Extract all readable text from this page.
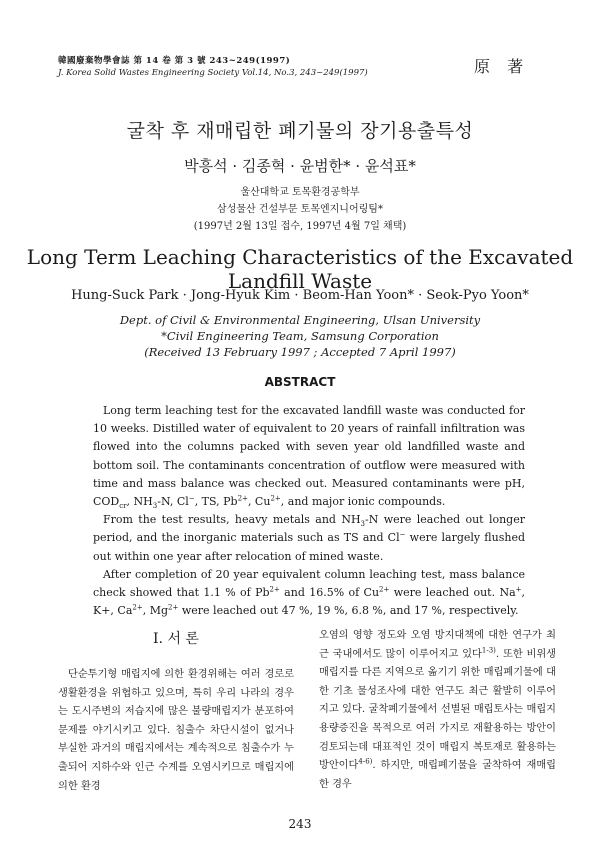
韓國廢棄物學會誌 第 14 卷 第 3 號 243~249(1997)
J. Korea Solid Wastes Engineering Society Vol.14, No.3, 243~249(1997)	原 著
굴착 후 재매립한 폐기물의 장기용출특성
박흥석 · 김종혁 · 윤범한* · 윤석표*
울산대학교 토목환경공학부
삼성물산 건설부문 토목엔지니어링팀*
(1997년 2월 13일 접수, 1997년 4월 7일 채택)
Long Term Leaching Characteristics of the Excavated Landfill Waste
Hung-Suck Park · Jong-Hyuk Kim · Beom-Han Yoon* · Seok-Pyo Yoon*
Dept. of Civil & Environmental Engineering, Ulsan University
*Civil Engineering Team, Samsung Corporation
(Received 13 February 1997 ; Accepted 7 April 1997)
ABSTRACT

Long term leaching test for the excavated landfill waste was conducted for 10 weeks. Distilled water of equivalent to 20 years of rainfall infiltration was flowed into the columns packed with seven year old landfilled waste and bottom soil. The contaminants concentration of outflow were measured with time and mass balance was checked out. Measured contaminants were pH, $COD_{cr}$, $NH_3-N$, Cl−, TS, $Pb^{2+}$, $Cu^{2+}$, and major ionic compounds.

From the test results, heavy metals and $NH_3-N$ were leached out longer period, and the inorganic materials such as TS and Cl− were largely flushed out within one year after relocation of mined waste.

After completion of 20 year equivalent column leaching test, mass balance check showed that 1.1 % of $Pb^{2+}$ and 16.5% of $Cu^{2+}$ were leached out. Na+, K+, $Ca^{2+}$, $Mg^{2+}$ were leached out 47 %, 19 %, 6.8 %, and 17 %, respectively.

I. 서 론

단순투기형 매립지에 의한 환경위해는 여러 경로로 생활환경을 위협하고 있으며, 특히 우리 나라의 경우는 도시주변의 저습지에 많은 불량매립지가 분포하여 문제를 야기시키고 있다. 침출수 차단시설이 없거나 부실한 과거의 매립지에서는 계속적으로 침출수가 누출되어 지하수와 인근 수계를 오염시키므로 매립지에 의한 환경

오염의 영향 정도와 오염 방지대책에 대한 연구가 최근 국내에서도 많이 이루어지고 있다$^{1-3)}$. 또한 비위생매립지를 다른 지역으로 옮기기 위한 매립폐기물에 대한 기초 물성조사에 대한 연구도 최근 활발히 이루어지고 있다. 굴착폐기물에서 선별된 매립토사는 매립지 용량증진을 목적으로 여러 가지로 재활용하는 방안이 검토되는데 대표적인 것이 매립지 복토재로 활용하는 방안이다$^{4-6)}$. 하지만, 매립폐기물을 굴착하여 재매립한 경우

243
